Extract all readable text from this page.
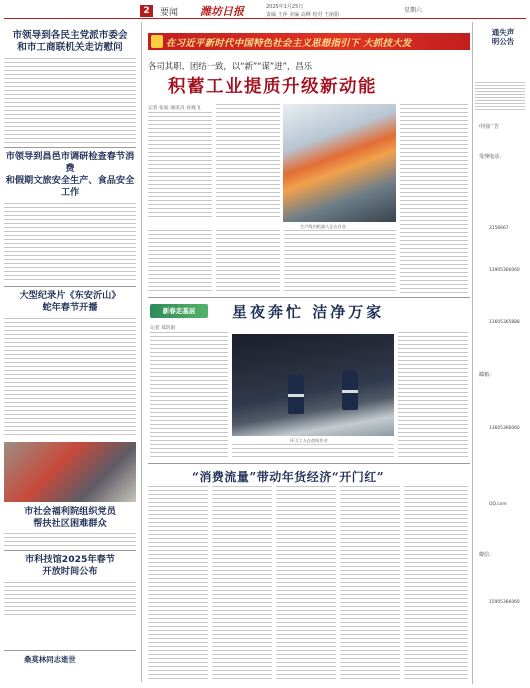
2	要闻 潍坊日报	2025年1月25日
责编 王萍 美编 高峰 校对 王丽娟
星期六
市领导到各民主党派市委会
和市工商联机关走访慰问
市领导到昌邑市调研检查春节消费
和假期文旅安全生产、食品安全工作
大型纪录片《东安沂山》
蛇年春节开播
市社会福利院组织党员
帮扶社区困难群众
市科技馆2025年春节
开放时间公布
桑莫林同志逝世
在习近平新时代中国特色社会主义思想指引下 大抓技大发
各司其职、团结一致，以“新”“谋”进”，昌乐
积蓄工业提质升级新动能
记者 张迪 通讯员 孙逸飞
生产线内机器人正在作业
新春走基层	星夜奔忙 洁净万家
记者 郑浩阳
环卫工人在夜间作业
“消费流量”带动年货经济“开门红”
通失声明公告
中国广告
受理电话：
3156667
13905366060
13605365888
邮箱：
13605366060
QQ.com
微信：
15905366060
